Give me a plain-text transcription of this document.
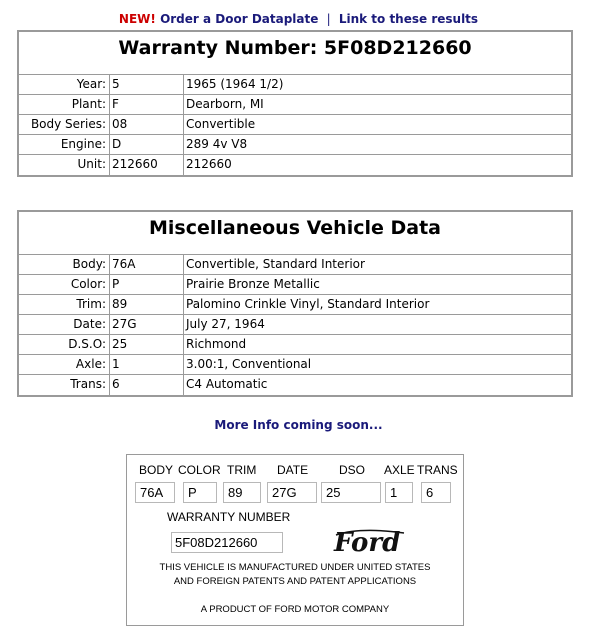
NEW! Order a Door Dataplate | Link to these results
Warranty Number: 5F08D212660
Year: 5	1965 (1964 1/2)
Plant: F	Dearborn, MI
Body Series: 08	Convertible
Engine: D	289 4v V8
Unit: 212660	212660
Miscellaneous Vehicle Data
Body: 76A	Convertible, Standard Interior
Color: P	Prairie Bronze Metallic
Trim: 89	Palomino Crinkle Vinyl, Standard Interior
Date: 27G	July 27, 1964
D.S.O: 25	Richmond
Axle: 1	3.00:1, Conventional
Trans: 6	C4 Automatic
More Info coming soon...
BODY COLOR TRIM DATE	DSO AXLE TRANS
76A	P	89	27G	25	1	6
WARRANTY NUMBER
5F08D212660	Ford
THIS VEHICLE IS MANUFACTURED UNDER UNITED STATES
AND FOREIGN PATENTS AND PATENT APPLICATIONS
A PRODUCT OF FORD MOTOR COMPANY
